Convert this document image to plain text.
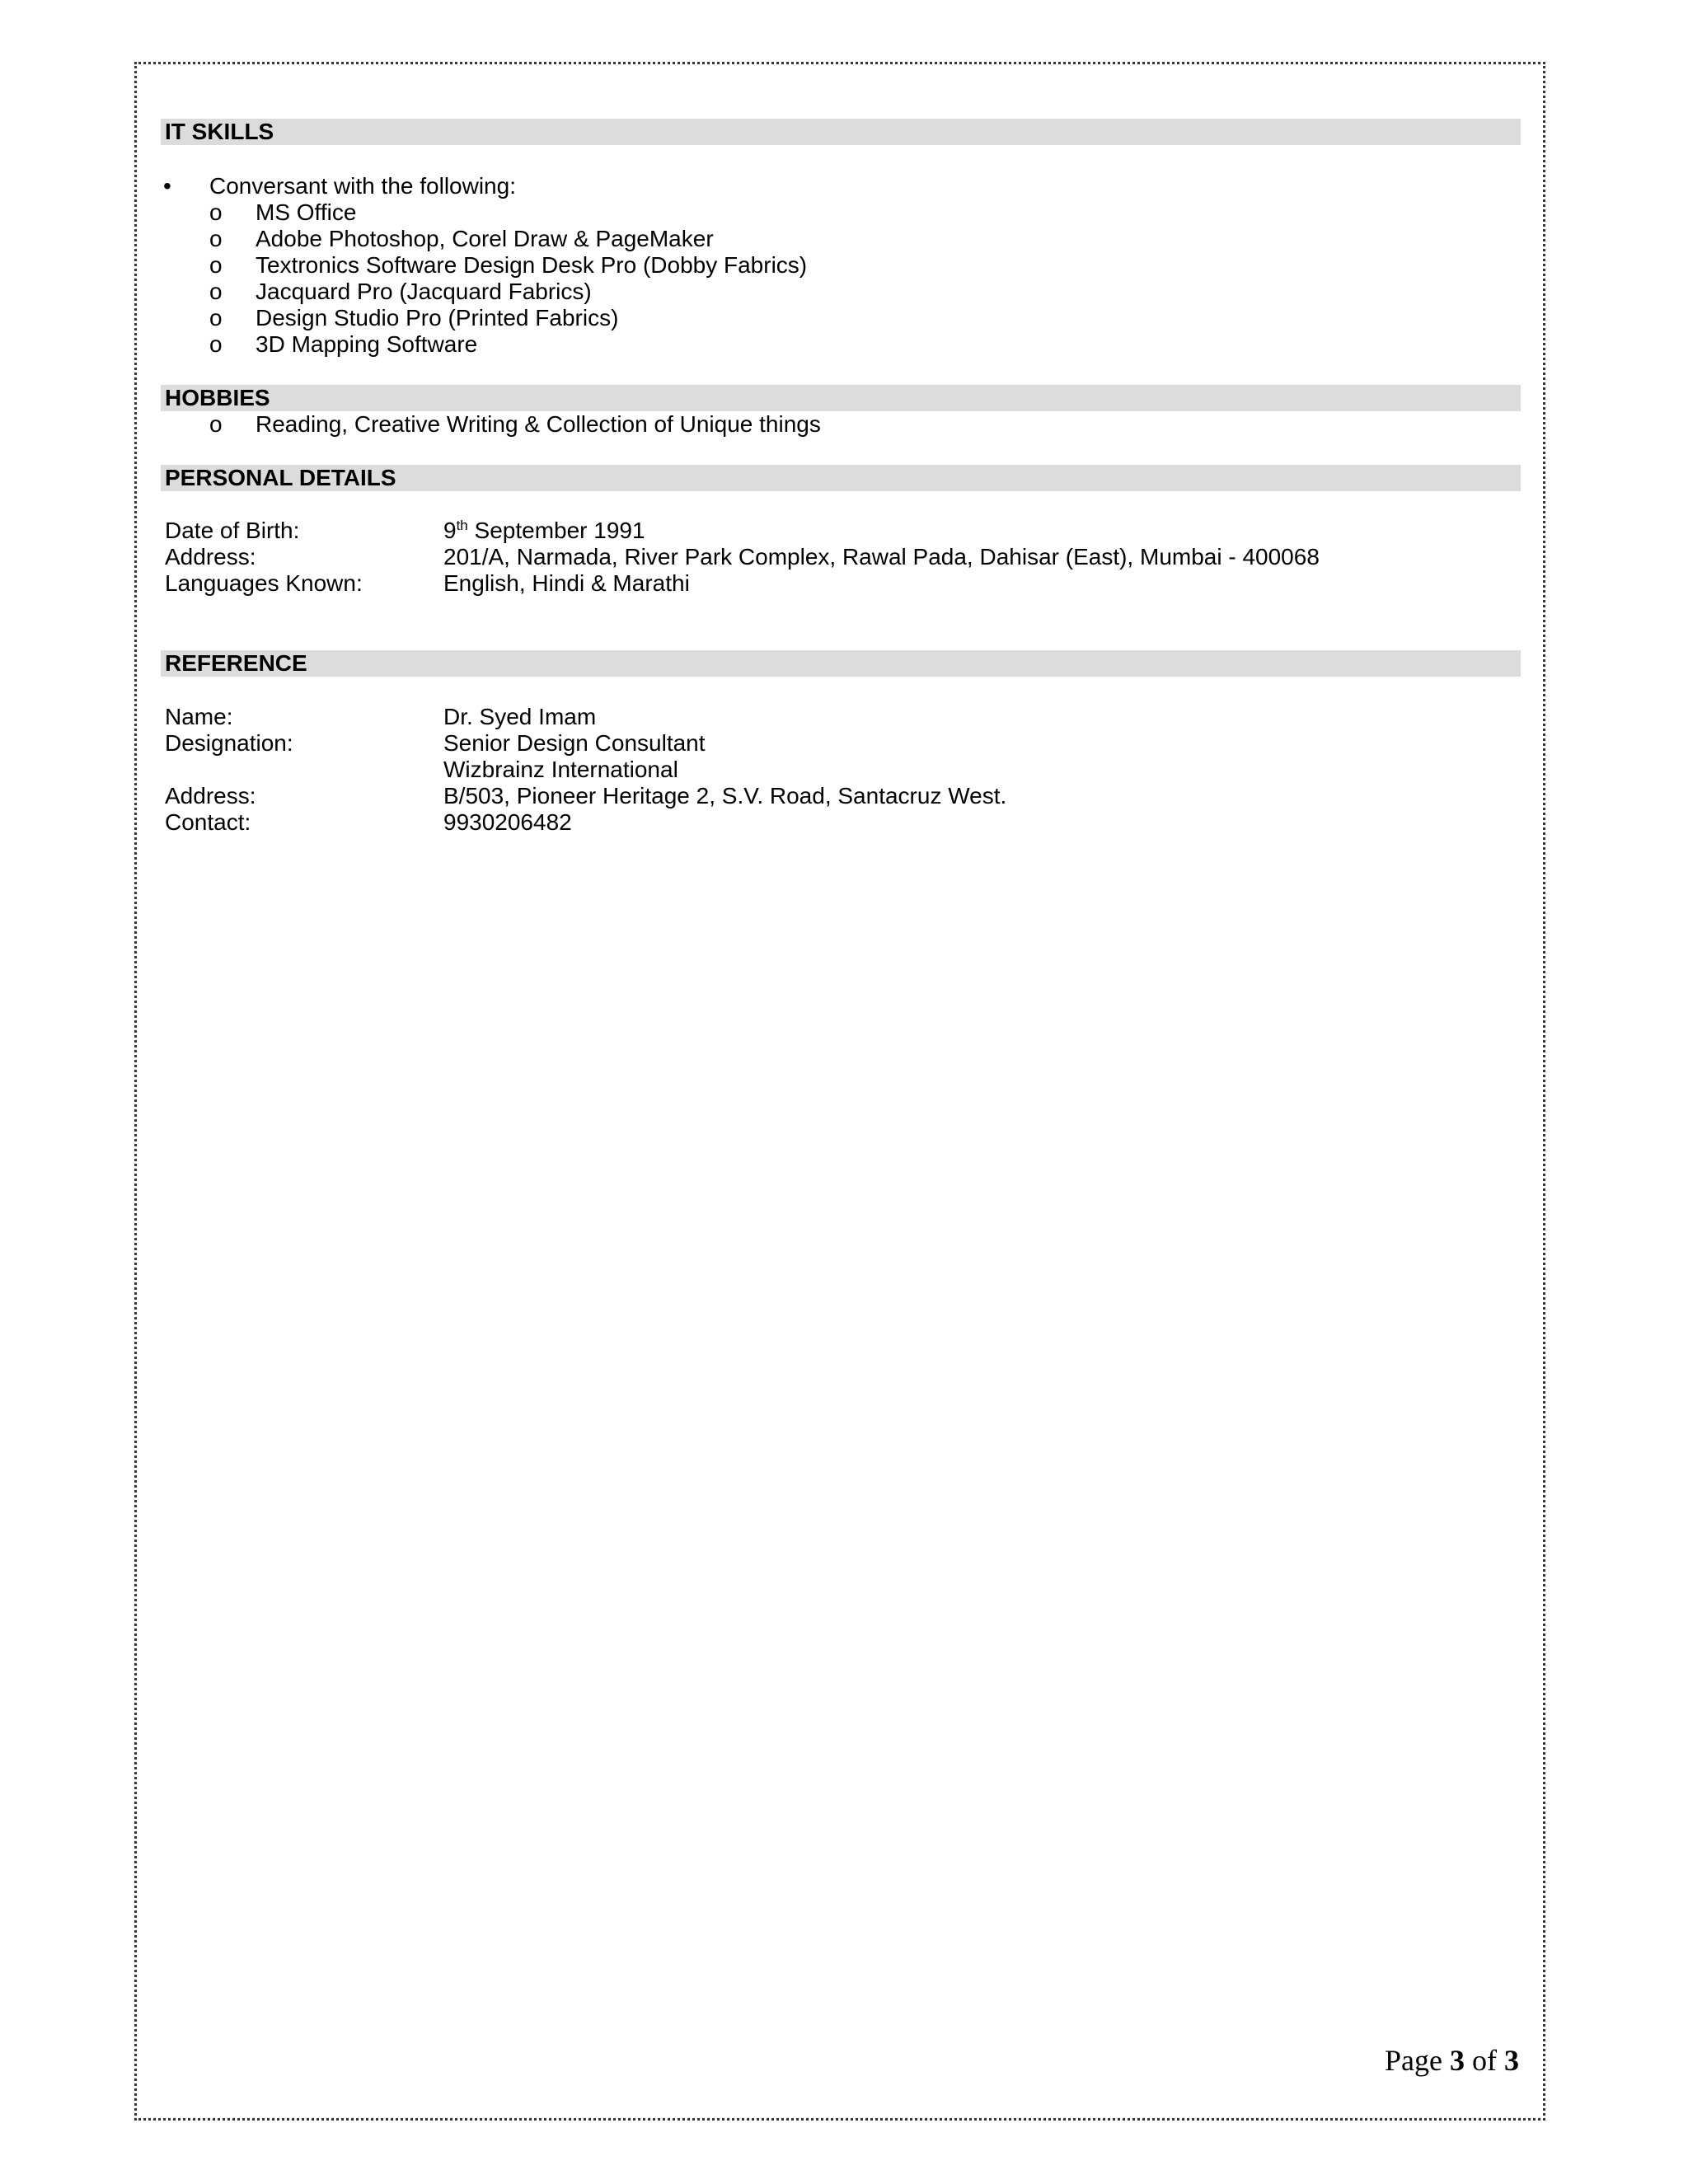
IT SKILLS
• Conversant with the following:
o MS Office
o Adobe Photoshop, Corel Draw & PageMaker
o Textronics Software Design Desk Pro (Dobby Fabrics)
o Jacquard Pro (Jacquard Fabrics)
o Design Studio Pro (Printed Fabrics)
o 3D Mapping Software
HOBBIES
o Reading, Creative Writing & Collection of Unique things
PERSONAL DETAILS
Date of Birth:	9th September 1991
Address:	201/A, Narmada, River Park Complex, Rawal Pada, Dahisar (East), Mumbai - 400068
Languages Known:	English, Hindi & Marathi
REFERENCE
Name:	Dr. Syed Imam
Designation:	Senior Design Consultant
Wizbrainz International
Address:	B/503, Pioneer Heritage 2, S.V. Road, Santacruz West.
Contact:	9930206482
Page 3 of 3
